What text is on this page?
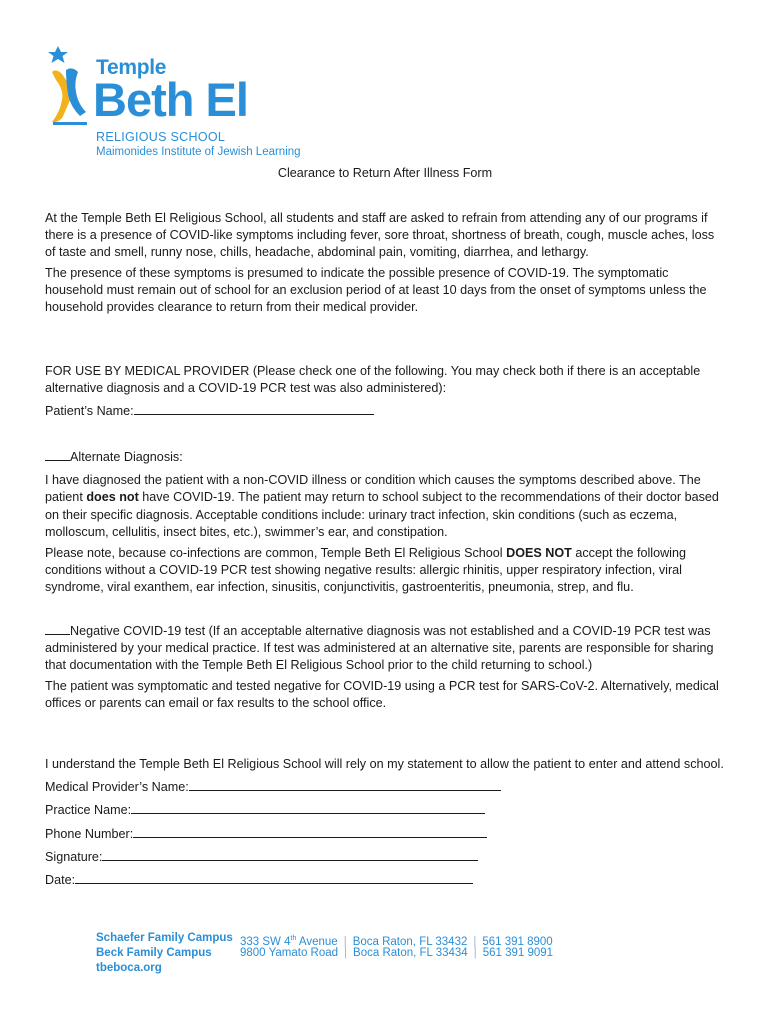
Temple
Beth El
RELIGIOUS SCHOOL
Maimonides Institute of Jewish Learning
Clearance to Return After Illness Form

At the Temple Beth El Religious School, all students and staff are asked to refrain from attending any of our programs if there is a presence of COVID-like symptoms including fever, sore throat, shortness of breath, cough, muscle aches, loss of taste and smell, runny nose, chills, headache, abdominal pain, vomiting, diarrhea, and lethargy.

The presence of these symptoms is presumed to indicate the possible presence of COVID-19. The symptomatic household must remain out of school for an exclusion period of at least 10 days from the onset of symptoms unless the household provides clearance to return from their medical provider.

FOR USE BY MEDICAL PROVIDER (Please check one of the following. You may check both if there is an acceptable alternative diagnosis and a COVID-19 PCR test was also administered):

Patient’s Name:

Alternate Diagnosis:

I have diagnosed the patient with a non-COVID illness or condition which causes the symptoms described above. The patient does not have COVID-19. The patient may return to school subject to the recommendations of their doctor based on their specific diagnosis. Acceptable conditions include: urinary tract infection, skin conditions (such as eczema, molloscum, cellulitis, insect bites, etc.), swimmer’s ear, and constipation.

Please note, because co-infections are common, Temple Beth El Religious School DOES NOT accept the following conditions without a COVID-19 PCR test showing negative results: allergic rhinitis, upper respiratory infection, viral syndrome, viral exanthem, ear infection, sinusitis, conjunctivitis, gastroenteritis, pneumonia, strep, and flu.

Negative COVID-19 test (If an acceptable alternative diagnosis was not established and a COVID-19 PCR test was administered by your medical practice. If test was administered at an alternative site, parents are responsible for sharing that documentation with the Temple Beth El Religious School prior to the child returning to school.)

The patient was symptomatic and tested negative for COVID-19 using a PCR test for SARS-CoV-2. Alternatively, medical offices or parents can email or fax results to the school office.

I understand the Temple Beth El Religious School will rely on my statement to allow the patient to enter and attend school.

Medical Provider’s Name:

Practice Name:

Phone Number:

Signature:

Date:

Schaefer Family Campus
Beck Family Campus
tbeboca.org
333 SW 4th Avenue | Boca Raton, FL 33432 | 561 391 8900
9800 Yamato Road | Boca Raton, FL 33434 | 561 391 9091
